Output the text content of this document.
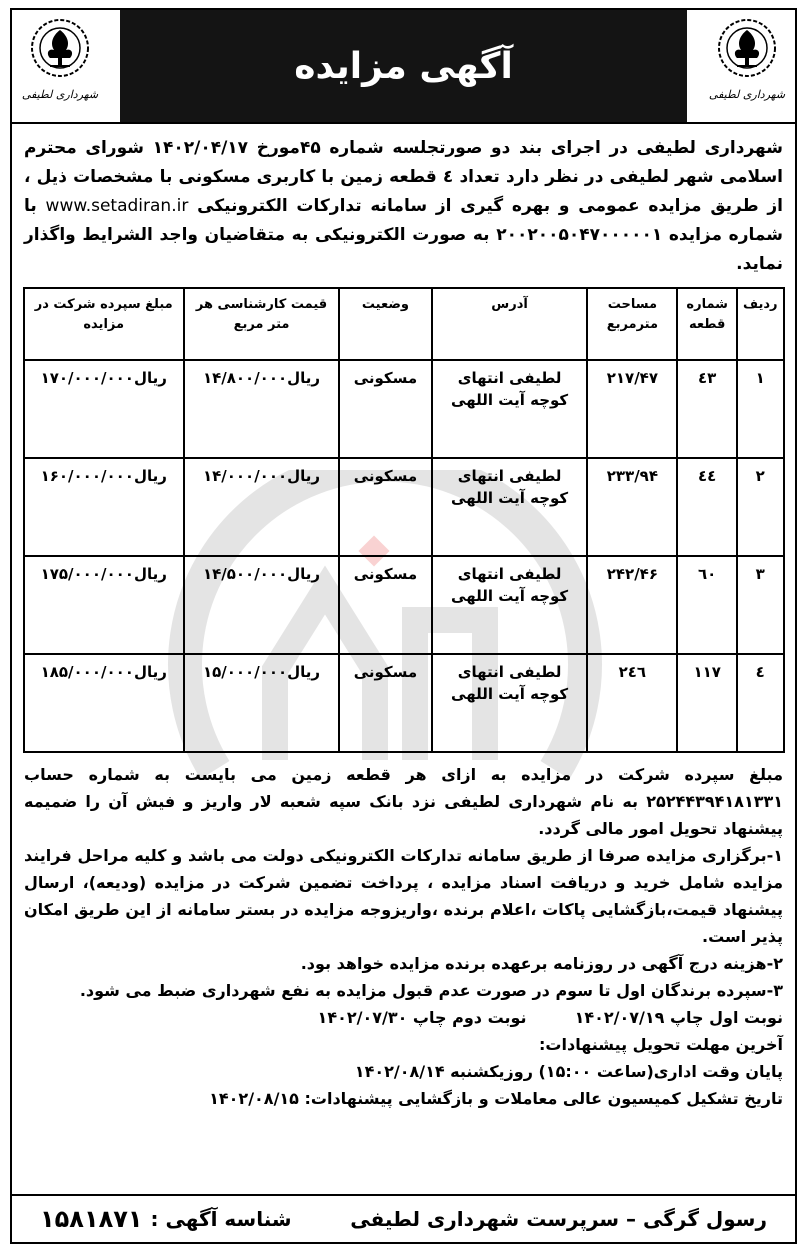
شهرداری لطیفی
آگهی مزایده
شهرداری لطیفی
شهرداری لطیفی در اجرای بند دو صورتجلسه شماره ۴۵مورخ ۱۴۰۲/۰۴/۱۷ شورای محترم اسلامی شهر لطیفی در نظر دارد تعداد ٤ قطعه زمین با کاربری مسکونی با مشخصات ذیل ، از طریق مزایده عمومی و بهره گیری از سامانه تدارکات الکترونیکی www.setadiran.ir با شماره مزایده ۲۰۰۲۰۰۵۰۴۷۰۰۰۰۰۱ به صورت الکترونیکی به متقاضیان واجد الشرایط واگذار نماید.
ردیف	شماره قطعه	مساحت مترمربع	آدرس	وضعیت	قیمت کارشناسی هر متر مربع	مبلغ سپرده شرکت در مزایده
١	٤٣	۲۱۷/۴۷	لطیفی انتهای کوچه آیت اللهی	مسکونی	۱۴/۸۰۰/۰۰۰ریال	۱۷۰/۰۰۰/۰۰۰ریال
٢	٤٤	۲۳۳/۹۴	لطیفی انتهای کوچه آیت اللهی	مسکونی	۱۴/۰۰۰/۰۰۰ریال	۱۶۰/۰۰۰/۰۰۰ریال
٣	٦٠	۲۴۲/۴۶	لطیفی انتهای کوچه آیت اللهی	مسکونی	۱۴/۵۰۰/۰۰۰ریال	۱۷۵/۰۰۰/۰۰۰ریال
٤	١١٧	٢٤٦	لطیفی انتهای کوچه آیت اللهی	مسکونی	۱۵/۰۰۰/۰۰۰ریال	۱۸۵/۰۰۰/۰۰۰ریال

مبلغ سپرده شرکت در مزایده به ازای هر قطعه زمین می بایست به شماره حساب ۲۵۲۴۴۳۹۴۱۸۱۳۳۱ به نام شهرداری لطیفی نزد بانک سپه شعبه لار واریز و فیش آن را ضمیمه پیشنهاد تحویل امور مالی گردد.

١-برگزاری مزایده صرفا از طریق سامانه تدارکات الکترونیکی دولت می باشد و کلیه مراحل فرایند مزایده شامل خرید و دریافت اسناد مزایده ، پرداخت تضمین شرکت در مزایده (ودیعه)، ارسال پیشنهاد قیمت،بازگشایی پاکات ،اعلام برنده ،واریزوجه مزایده در بستر سامانه از این طریق امکان پذیر است.

٢-هزینه درج آگهی در روزنامه برعهده برنده مزایده خواهد بود.

٣-سپرده برندگان اول تا سوم در صورت عدم قبول مزایده به نفع شهرداری ضبط می شود.

نوبت اول چاپ ۱۴۰۲/۰۷/۱۹
نوبت دوم چاپ ۱۴۰۲/۰۷/۳۰

آخرین مهلت تحویل پیشنهادات:

پایان وقت اداری(ساعت ۱۵:۰۰) روزیکشنبه ۱۴۰۲/۰۸/۱۴

تاریخ تشکیل کمیسیون عالی معاملات و بازگشایی پیشنهادات: ۱۴۰۲/۰۸/۱۵

رسول گرگی – سرپرست شهرداری لطیفی
شناسه آگهی :
۱۵۸۱۸۷۱
